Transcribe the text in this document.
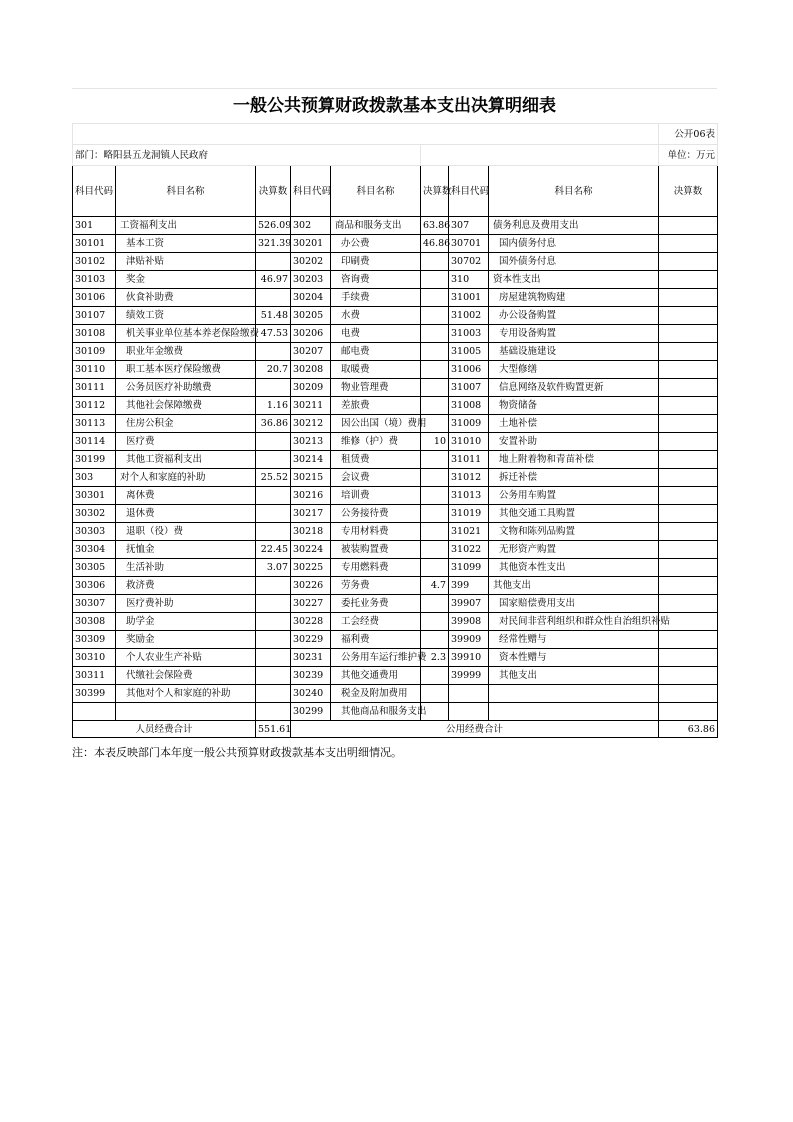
一般公共预算财政拨款基本支出决算明细表
								公开06表
部门：略阳县五龙洞镇人民政府								单位：万元
科目代码	科目名称	决算数	科目代码	科目名称	决算数	科目代码	科目名称	决算数
301	工资福利支出	526.09	302	商品和服务支出	63.86	307	债务利息及费用支出	
30101	基本工资	321.39	30201	办公费	46.86	30701	国内债务付息	
30102	津贴补贴		30202	印刷费		30702	国外债务付息	
30103	奖金	46.97	30203	咨询费		310	资本性支出	
30106	伙食补助费		30204	手续费		31001	房屋建筑物购建	
30107	绩效工资	51.48	30205	水费		31002	办公设备购置	
30108	机关事业单位基本养老保险缴费	47.53	30206	电费		31003	专用设备购置	
30109	职业年金缴费		30207	邮电费		31005	基础设施建设	
30110	职工基本医疗保险缴费	20.7	30208	取暖费		31006	大型修缮	
30111	公务员医疗补助缴费		30209	物业管理费		31007	信息网络及软件购置更新	
30112	其他社会保障缴费	1.16	30211	差旅费		31008	物资储备	
30113	住房公积金	36.86	30212	因公出国（境）费用		31009	土地补偿	
30114	医疗费		30213	维修（护）费	10	31010	安置补助	
30199	其他工资福利支出		30214	租赁费		31011	地上附着物和青苗补偿	
303	对个人和家庭的补助	25.52	30215	会议费		31012	拆迁补偿	
30301	离休费		30216	培训费		31013	公务用车购置	
30302	退休费		30217	公务接待费		31019	其他交通工具购置	
30303	退职（役）费		30218	专用材料费		31021	文物和陈列品购置	
30304	抚恤金	22.45	30224	被装购置费		31022	无形资产购置	
30305	生活补助	3.07	30225	专用燃料费		31099	其他资本性支出	
30306	救济费		30226	劳务费	4.7	399	其他支出	
30307	医疗费补助		30227	委托业务费		39907	国家赔偿费用支出	
30308	助学金		30228	工会经费		39908	对民间非营利组织和群众性自治组织补贴	
30309	奖励金		30229	福利费		39909	经常性赠与	
30310	个人农业生产补贴		30231	公务用车运行维护费	2.3	39910	资本性赠与	
30311	代缴社会保险费		30239	其他交通费用		39999	其他支出	
30399	其他对个人和家庭的补助		30240	税金及附加费用				
			30299	其他商品和服务支出				
人员经费合计		551.61	公用经费合计					63.86
注：本表反映部门本年度一般公共预算财政拨款基本支出明细情况。
